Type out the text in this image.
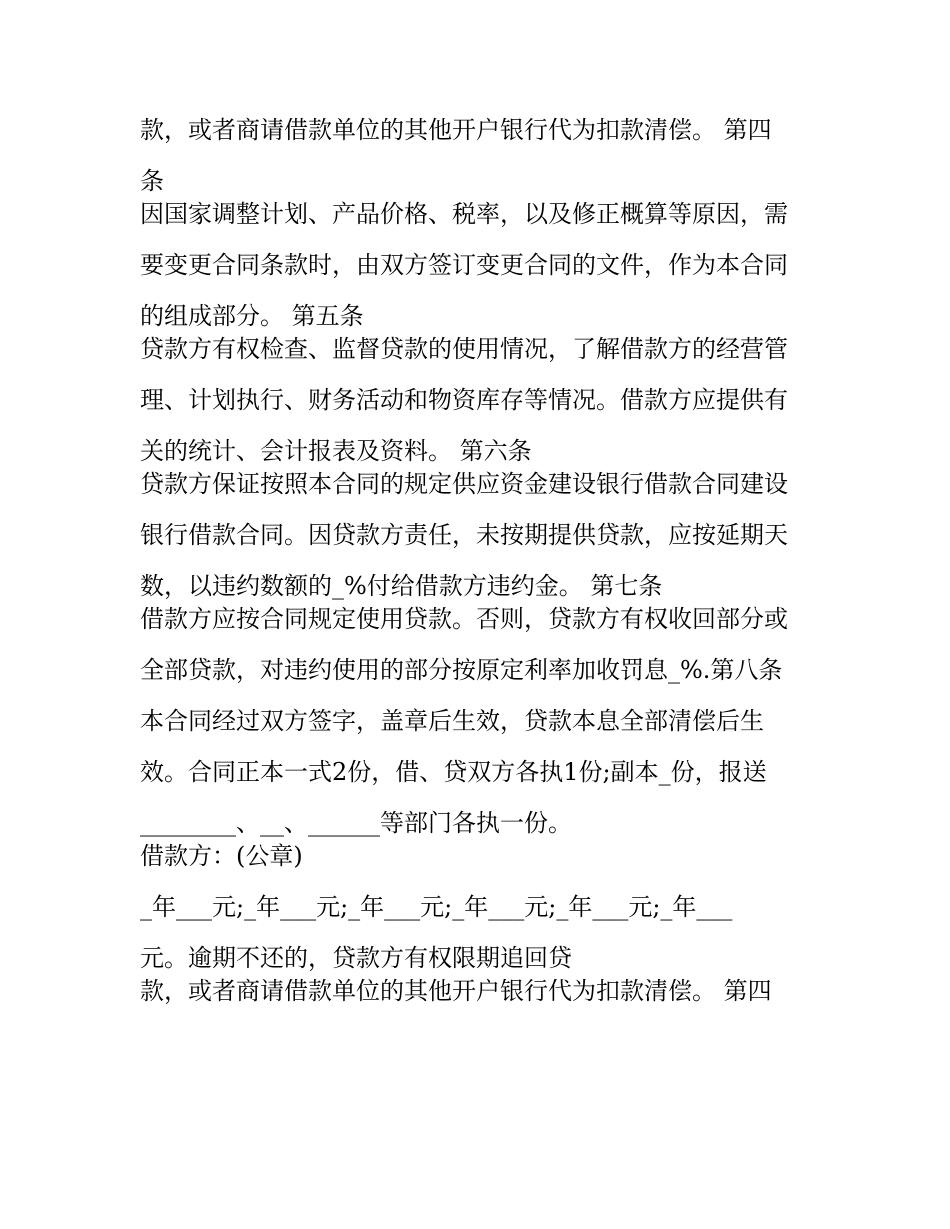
款，或者商请借款单位的其他开户银行代为扣款清偿。 第四
条
因国家调整计划、产品价格、税率，以及修正概算等原因，需
要变更合同条款时，由双方签订变更合同的文件，作为本合同
的组成部分。 第五条
贷款方有权检查、监督贷款的使用情况，了解借款方的经营管
理、计划执行、财务活动和物资库存等情况。借款方应提供有
关的统计、会计报表及资料。 第六条
贷款方保证按照本合同的规定供应资金建设银行借款合同建设
银行借款合同。因贷款方责任，未按期提供贷款，应按延期天
数，以违约数额的_%付给借款方违约金。 第七条
借款方应按合同规定使用贷款。否则，贷款方有权收回部分或
全部贷款，对违约使用的部分按原定利率加收罚息_%.第八条
本合同经过双方签字，盖章后生效，贷款本息全部清偿后生
效。合同正本一式2份，借、贷双方各执1份;副本_份，报送
________、__、______等部门各执一份。
借款方：(公章)
_年___元;_年___元;_年___元;_年___元;_年___元;_年___
元。逾期不还的，贷款方有权限期追回贷
款，或者商请借款单位的其他开户银行代为扣款清偿。 第四
